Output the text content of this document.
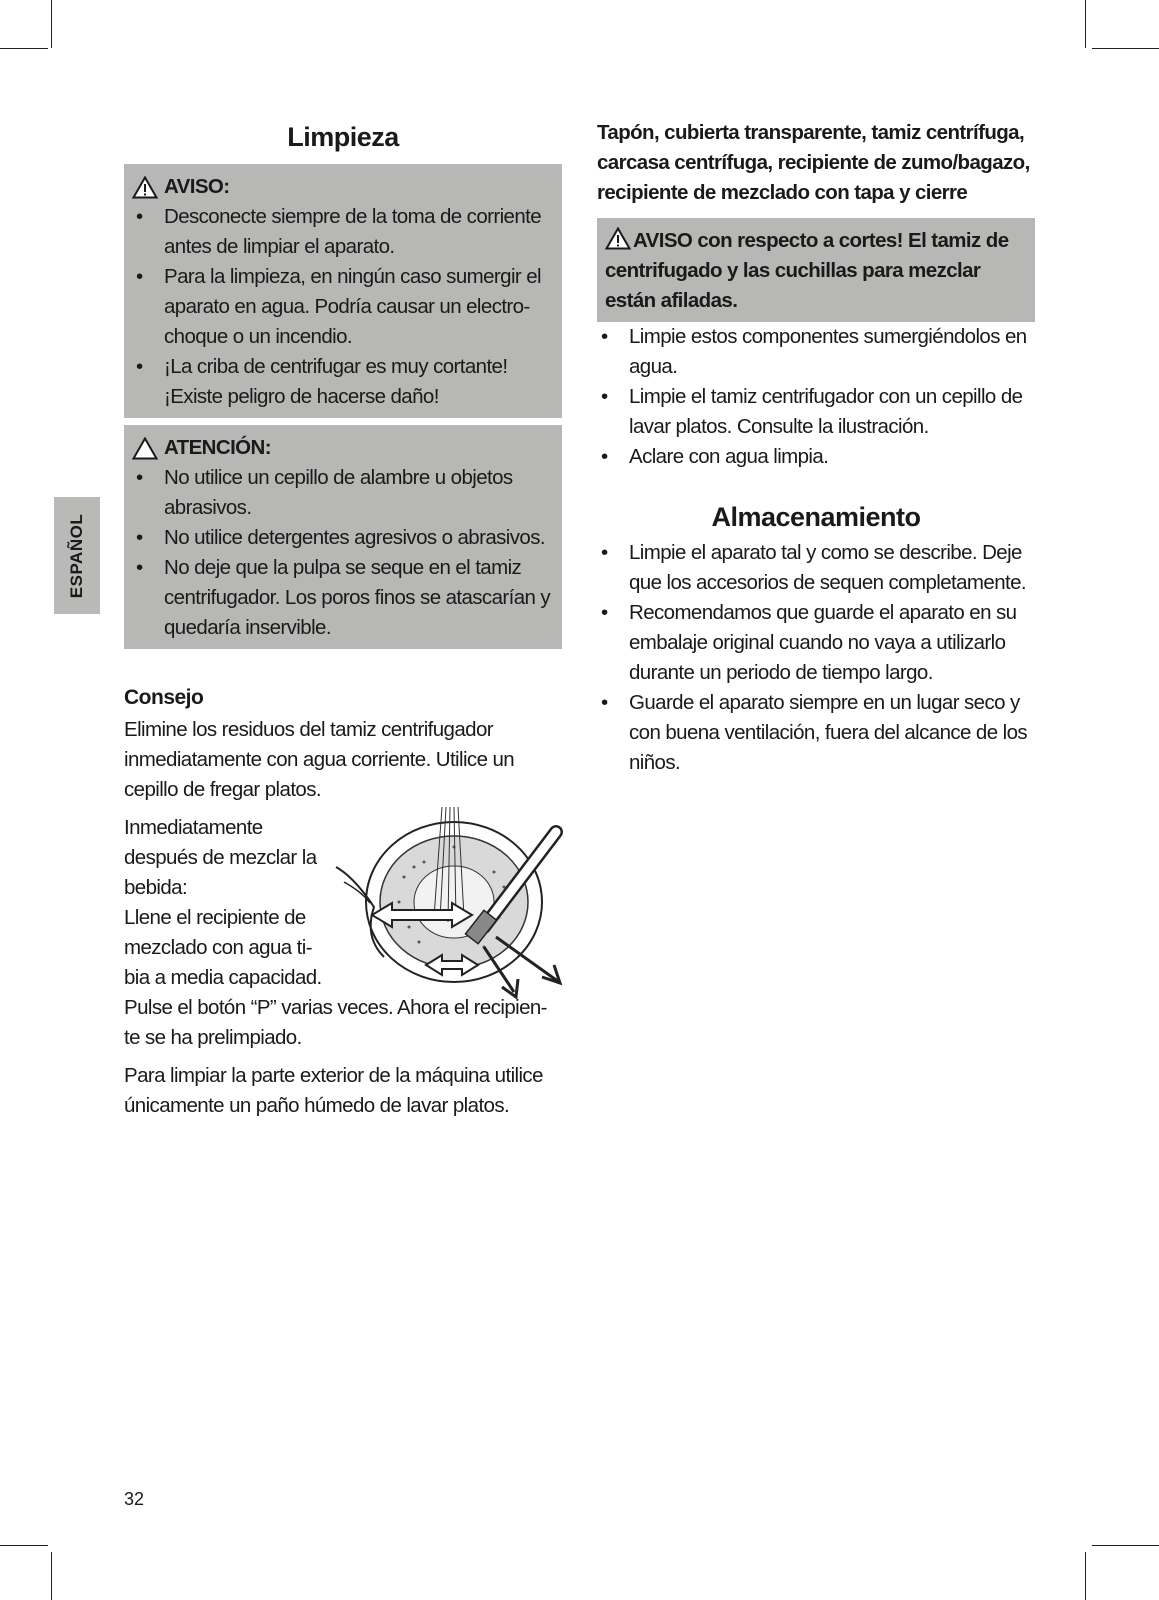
ESPAÑOL
Limpieza
AVISO:
• Desconecte siempre de la toma de corriente antes de limpiar el aparato.
• Para la limpieza, en ningún caso sumergir el aparato en agua. Podría causar un electro-choque o un incendio.
• ¡La criba de centrifugar es muy cortante! ¡Existe peligro de hacerse daño!
ATENCIÓN:
• No utilice un cepillo de alambre u objetos abrasivos.
• No utilice detergentes agresivos o abrasivos.
• No deje que la pulpa se seque en el tamiz centrifugador. Los poros finos se atascarían y quedaría inservible.
Consejo

Elimine los residuos del tamiz centrifugador inmediatamente con agua corriente. Utilice un cepillo de fregar platos.

Inmediatamente después de mezclar la bebida:
Llene el recipiente de mezclado con agua ti-bia a media capacidad.

Pulse el botón “P” varias veces. Ahora el recipien-te se ha prelimpiado.

Para limpiar la parte exterior de la máquina utilice únicamente un paño húmedo de lavar platos.

Tapón, cubierta transparente, tamiz centrífuga, carcasa centrífuga, recipiente de zumo/bagazo, recipiente de mezclado con tapa y cierre
AVISO con respecto a cortes! El tamiz de centrifugado y las cuchillas para mezclar están afiladas.
• Limpie estos componentes sumergiéndolos en agua.
• Limpie el tamiz centrifugador con un cepillo de lavar platos. Consulte la ilustración.
• Aclare con agua limpia.
Almacenamiento
• Limpie el aparato tal y como se describe. Deje que los accesorios de sequen completamente.
• Recomendamos que guarde el aparato en su embalaje original cuando no vaya a utilizarlo durante un periodo de tiempo largo.
• Guarde el aparato siempre en un lugar seco y con buena ventilación, fuera del alcance de los niños.
32
